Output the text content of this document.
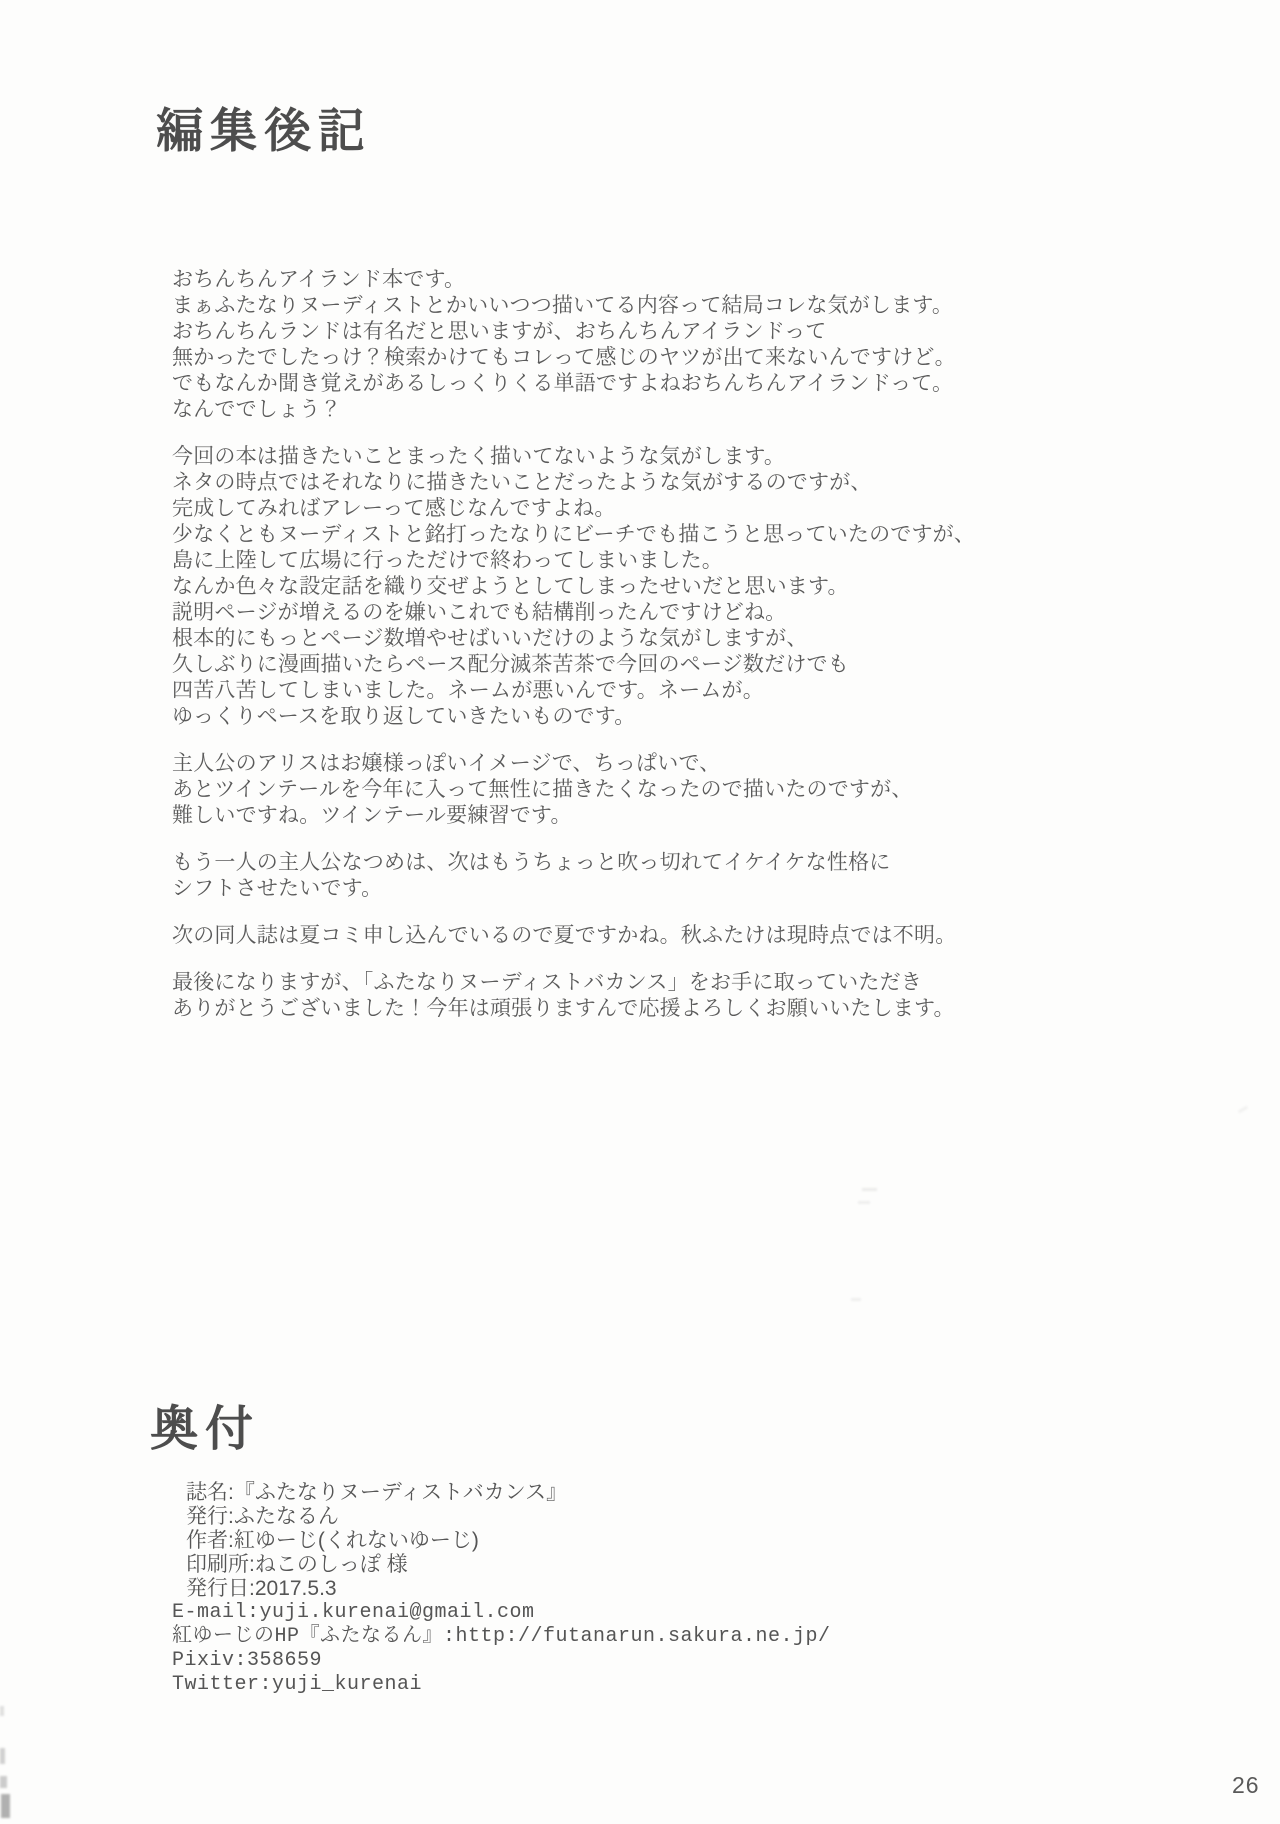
編集後記
おちんちんアイランド本です。
まぁふたなりヌーディストとかいいつつ描いてる内容って結局コレな気がします。
おちんちんランドは有名だと思いますが、おちんちんアイランドって
無かったでしたっけ？検索かけてもコレって感じのヤツが出て来ないんですけど。
でもなんか聞き覚えがあるしっくりくる単語ですよねおちんちんアイランドって。
なんででしょう？
今回の本は描きたいことまったく描いてないような気がします。
ネタの時点ではそれなりに描きたいことだったような気がするのですが、
完成してみればアレーって感じなんですよね。
少なくともヌーディストと銘打ったなりにビーチでも描こうと思っていたのですが、
島に上陸して広場に行っただけで終わってしまいました。
なんか色々な設定話を織り交ぜようとしてしまったせいだと思います。
説明ページが増えるのを嫌いこれでも結構削ったんですけどね。
根本的にもっとページ数増やせばいいだけのような気がしますが、
久しぶりに漫画描いたらペース配分滅茶苦茶で今回のページ数だけでも
四苦八苦してしまいました。ネームが悪いんです。ネームが。
ゆっくりペースを取り返していきたいものです。
主人公のアリスはお嬢様っぽいイメージで、ちっぱいで、
あとツインテールを今年に入って無性に描きたくなったので描いたのですが、
難しいですね。ツインテール要練習です。
もう一人の主人公なつめは、次はもうちょっと吹っ切れてイケイケな性格に
シフトさせたいです。
次の同人誌は夏コミ申し込んでいるので夏ですかね。秋ふたけは現時点では不明。
最後になりますが、「ふたなりヌーディストバカンス」をお手に取っていただき
ありがとうございました！今年は頑張りますんで応援よろしくお願いいたします。
奥付
誌名:『ふたなりヌーディストバカンス』
発行:ふたなるん
作者:紅ゆーじ(くれないゆーじ)
印刷所:ねこのしっぽ 様
発行日:2017.5.3
E-mail:yuji.kurenai@gmail.com
紅ゆーじのHP『ふたなるん』:http://futanarun.sakura.ne.jp/
Pixiv:358659
Twitter:yuji_kurenai
26
